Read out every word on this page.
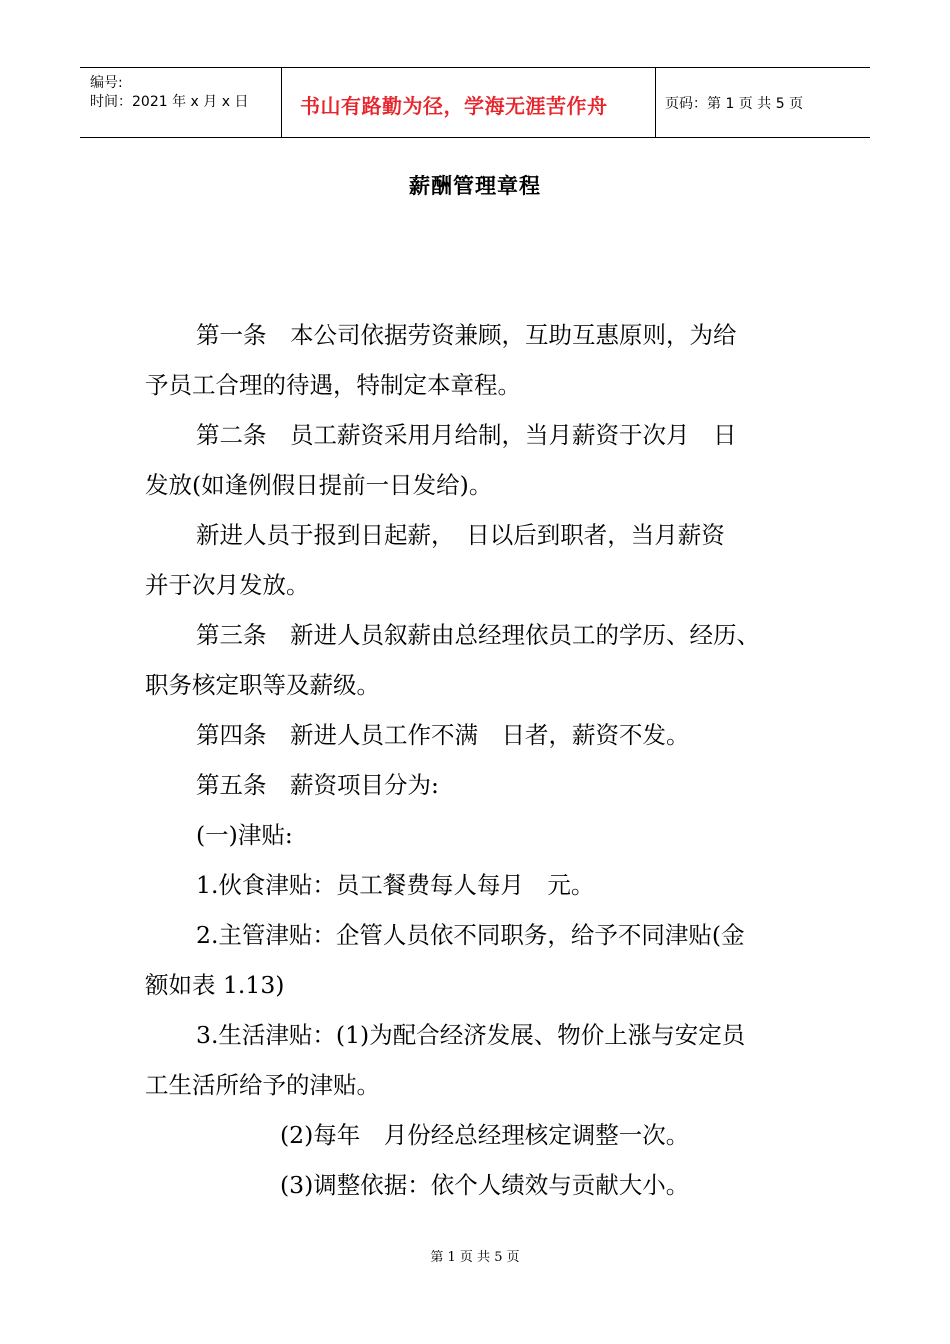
编号:
时间：2021 年 x 月 x 日	书山有路勤为径，学海无涯苦作舟	页码：第 1 页 共 5 页
薪酬管理章程
第一条　本公司依据劳资兼顾，互助互惠原则，为给
予员工合理的待遇，特制定本章程。
第二条　员工薪资采用月给制，当月薪资于次月　日
发放(如逢例假日提前一日发给)。
新进人员于报到日起薪，　日以后到职者，当月薪资
并于次月发放。
第三条　新进人员叙薪由总经理依员工的学历、经历、
职务核定职等及薪级。
第四条　新进人员工作不满　日者，薪资不发。
第五条　薪资项目分为:
(一)津贴:
1.伙食津贴：员工餐费每人每月　元。
2.主管津贴：企管人员依不同职务，给予不同津贴(金
额如表 1.13)
3.生活津贴：(1)为配合经济发展、物价上涨与安定员
工生活所给予的津贴。
(2)每年　月份经总经理核定调整一次。
(3)调整依据：依个人绩效与贡献大小。
第 1 页 共 5 页
